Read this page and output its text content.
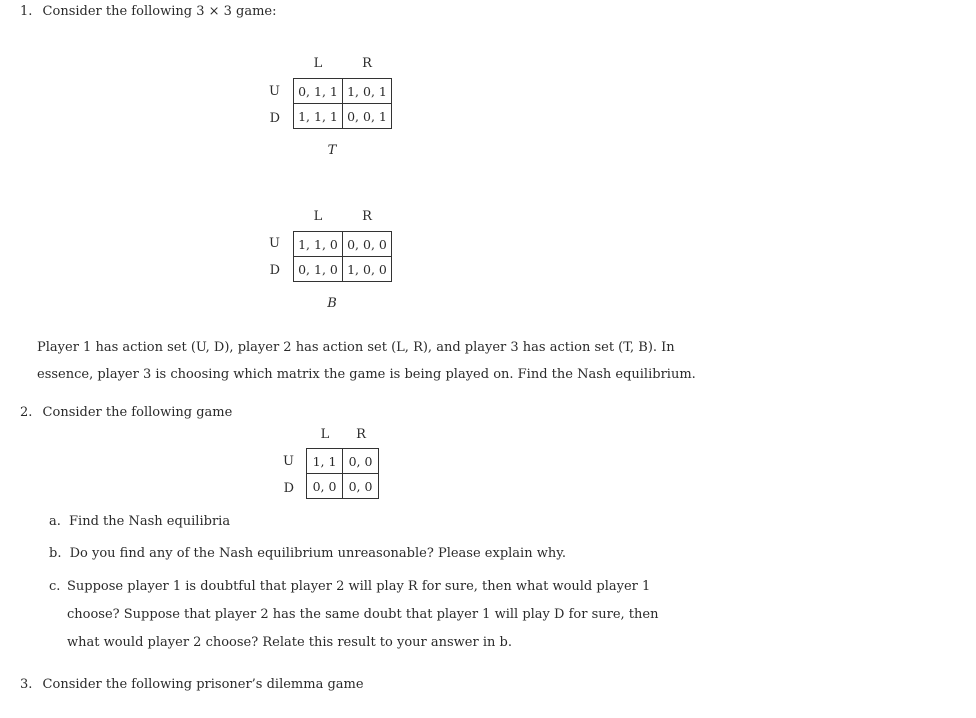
1. Consider the following 3 × 3 game:
L	R
U
D
0, 1, 1	1, 0, 1
1, 1, 1	0, 0, 1
T
L	R
U
D
1, 1, 0	0, 0, 0
0, 1, 0	1, 0, 0
B
Player 1 has action set (U, D), player 2 has action set (L, R), and player 3 has action set (T, B). In
essence, player 3 is choosing which matrix the game is being played on. Find the Nash equilibrium.
2. Consider the following game
L	R
U
D
1, 1	0, 0
0, 0	0, 0
a. Find the Nash equilibria
b. Do you find any of the Nash equilibrium unreasonable? Please explain why.
c. Suppose player 1 is doubtful that player 2 will play R for sure, then what would player 1
choose? Suppose that player 2 has the same doubt that player 1 will play D for sure, then
what would player 2 choose? Relate this result to your answer in b.
3. Consider the following prisoner’s dilemma game
